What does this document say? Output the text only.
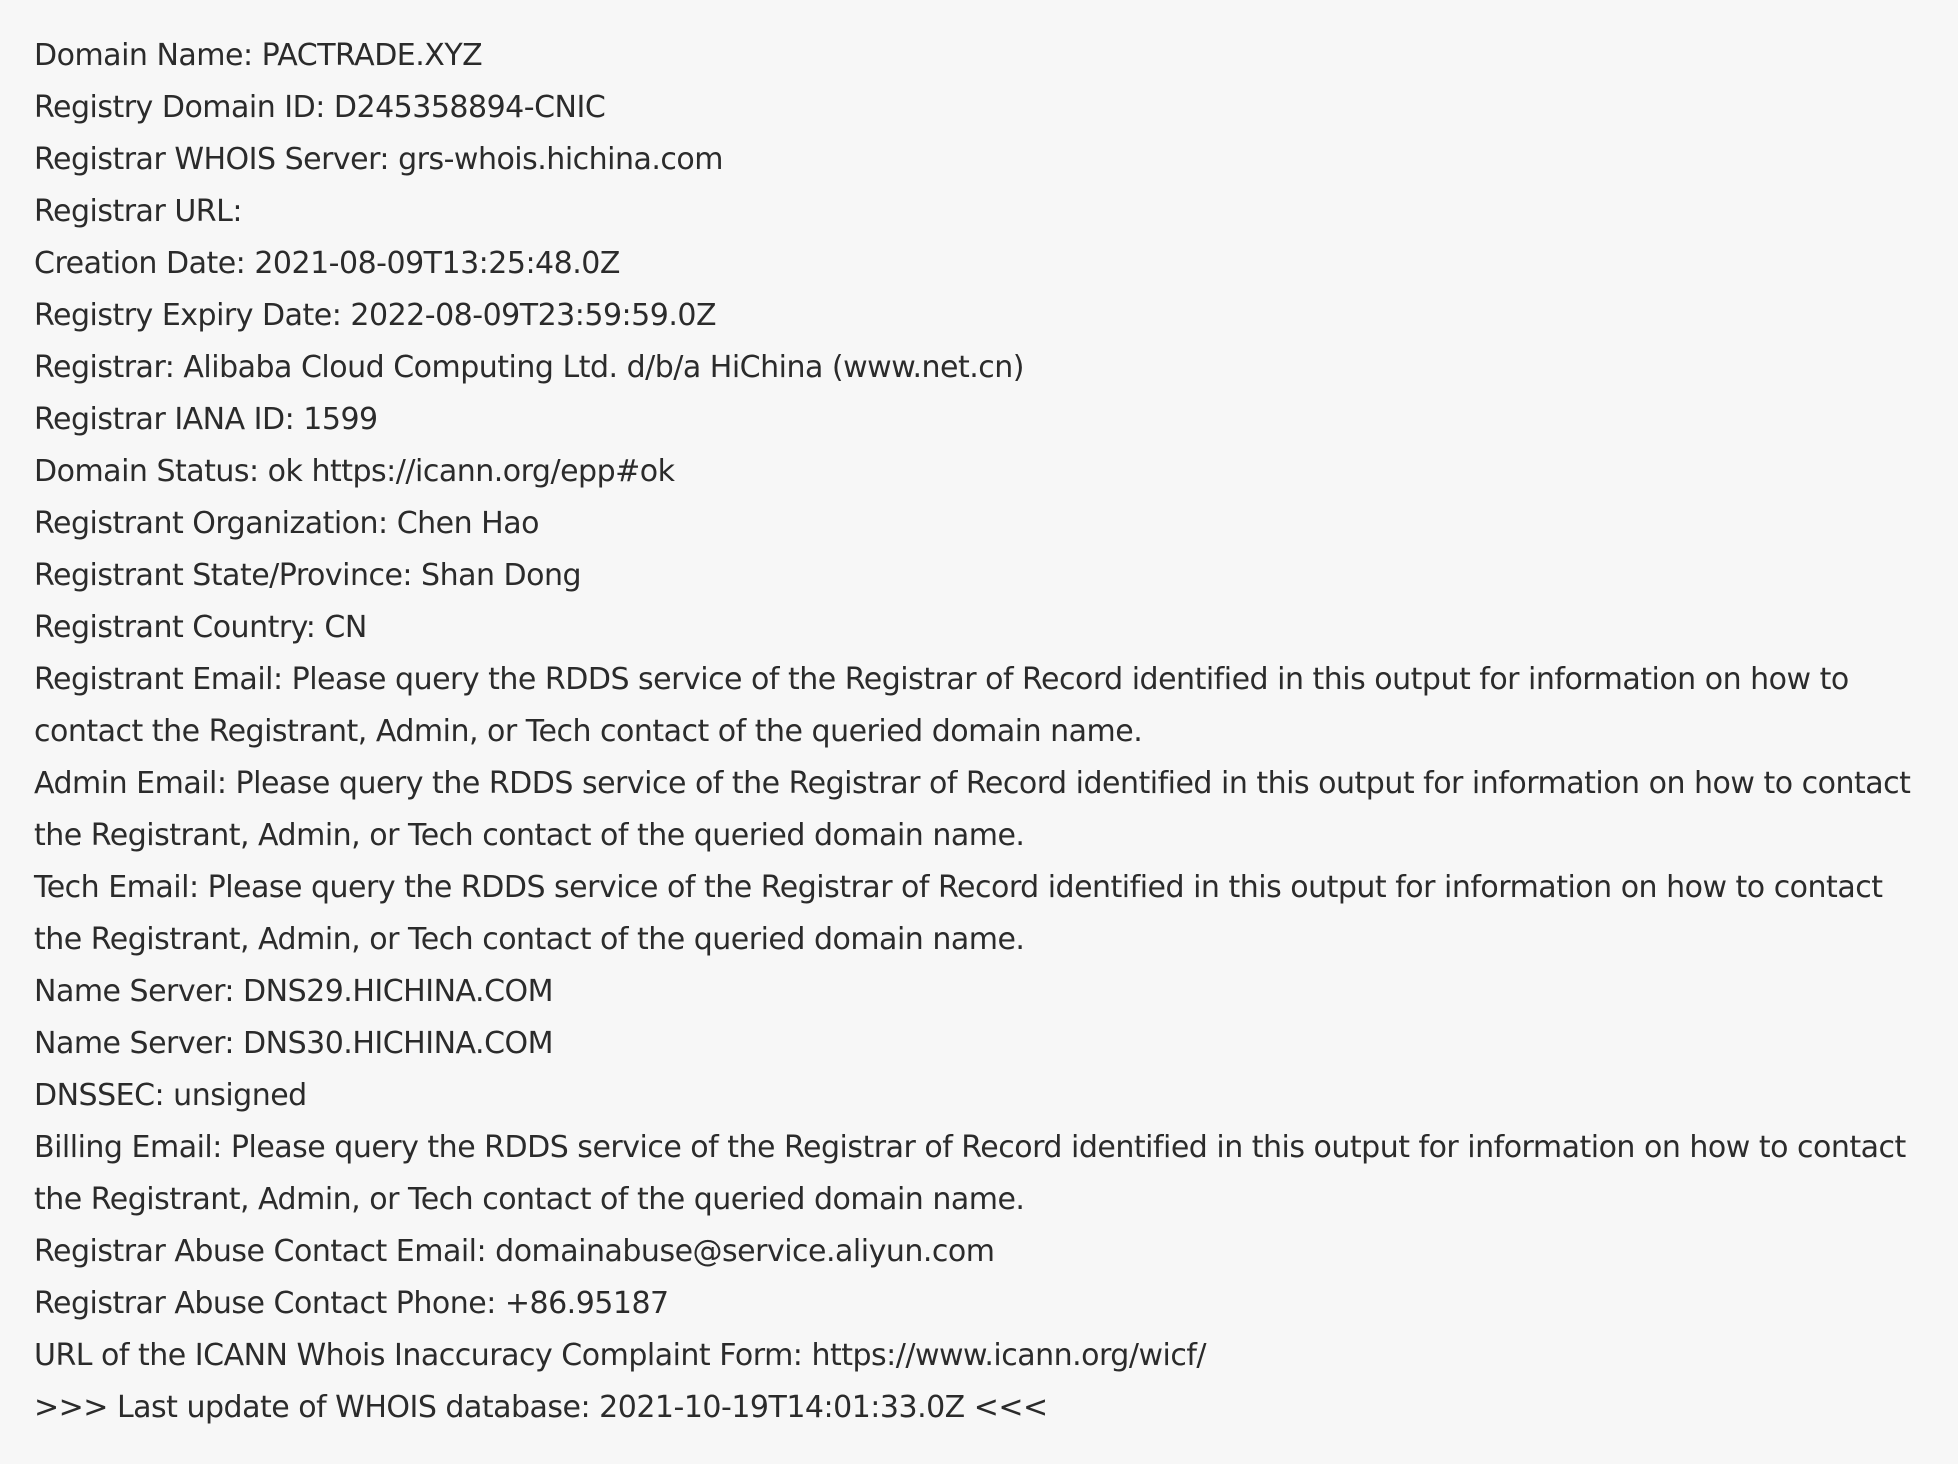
Domain Name: PACTRADE.XYZ
Registry Domain ID: D245358894-CNIC
Registrar WHOIS Server: grs-whois.hichina.com
Registrar URL:
Creation Date: 2021-08-09T13:25:48.0Z
Registry Expiry Date: 2022-08-09T23:59:59.0Z
Registrar: Alibaba Cloud Computing Ltd. d/b/a HiChina (www.net.cn)
Registrar IANA ID: 1599
Domain Status: ok https://icann.org/epp#ok
Registrant Organization: Chen Hao
Registrant State/Province: Shan Dong
Registrant Country: CN
Registrant Email: Please query the RDDS service of the Registrar of Record identified in this output for information on how to contact the Registrant, Admin, or Tech contact of the queried domain name.
Admin Email: Please query the RDDS service of the Registrar of Record identified in this output for information on how to contact the Registrant, Admin, or Tech contact of the queried domain name.
Tech Email: Please query the RDDS service of the Registrar of Record identified in this output for information on how to contact the Registrant, Admin, or Tech contact of the queried domain name.
Name Server: DNS29.HICHINA.COM
Name Server: DNS30.HICHINA.COM
DNSSEC: unsigned
Billing Email: Please query the RDDS service of the Registrar of Record identified in this output for information on how to contact the Registrant, Admin, or Tech contact of the queried domain name.
Registrar Abuse Contact Email: domainabuse@service.aliyun.com
Registrar Abuse Contact Phone: +86.95187
URL of the ICANN Whois Inaccuracy Complaint Form: https://www.icann.org/wicf/
>>> Last update of WHOIS database: 2021-10-19T14:01:33.0Z <<<
